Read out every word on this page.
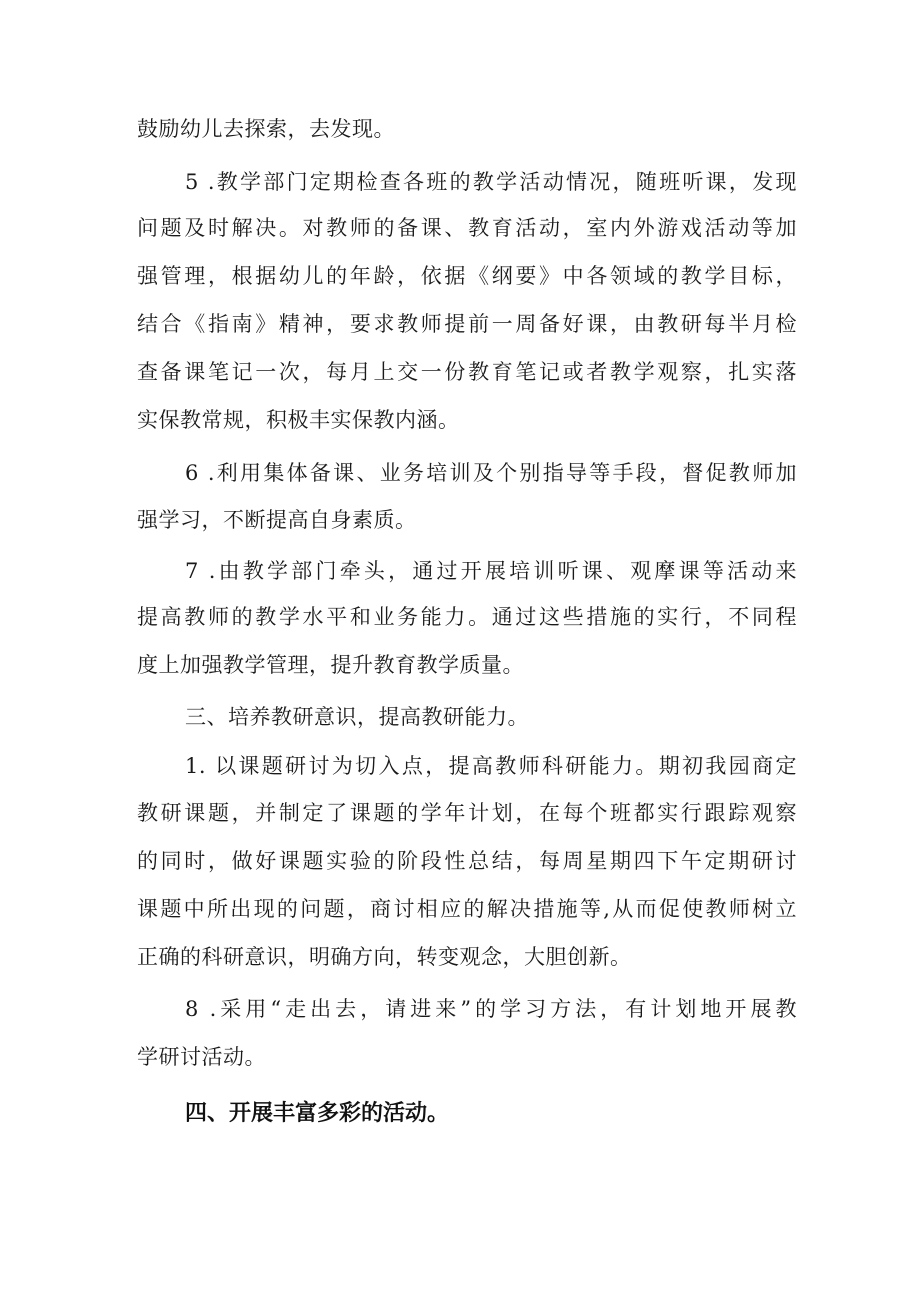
鼓励幼儿去探索，去发现。
5 .教学部门定期检查各班的教学活动情况，随班听课，发现
问题及时解决。对教师的备课、教育活动，室内外游戏活动等加
强管理，根据幼儿的年龄，依据《纲要》中各领域的教学目标，
结合《指南》精神，要求教师提前一周备好课，由教研每半月检
查备课笔记一次，每月上交一份教育笔记或者教学观察，扎实落
实保教常规，积极丰实保教内涵。
6 .利用集体备课、业务培训及个别指导等手段，督促教师加
强学习，不断提高自身素质。
7 .由教学部门牵头，通过开展培训听课、观摩课等活动来
提高教师的教学水平和业务能力。通过这些措施的实行，不同程
度上加强教学管理，提升教育教学质量。
三、培养教研意识，提高教研能力。
1. 以课题研讨为切入点，提高教师科研能力。期初我园商定
教研课题，并制定了课题的学年计划，在每个班都实行跟踪观察
的同时，做好课题实验的阶段性总结，每周星期四下午定期研讨
课题中所出现的问题，商讨相应的解决措施等,从而促使教师树立
正确的科研意识，明确方向，转变观念，大胆创新。
8 .采用“走出去，请进来”的学习方法，有计划地开展教
学研讨活动。
四、开展丰富多彩的活动。
